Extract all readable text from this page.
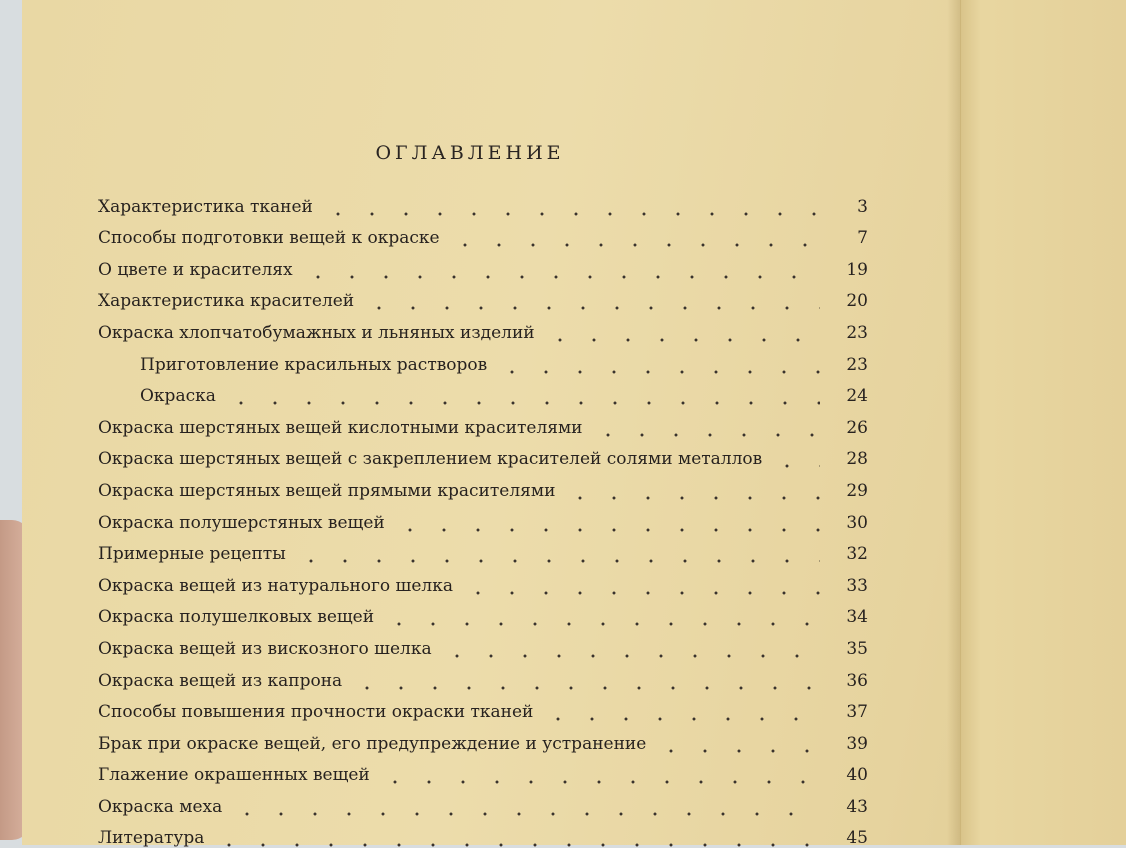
ОГЛАВЛЕНИЕ
Характеристика тканей	3
Способы подготовки вещей к окраске	7
О цвете и красителях	19
Характеристика красителей	20
Окраска хлопчатобумажных и льняных изделий	23
Приготовление красильных растворов	23
Окраска	24
Окраска шерстяных вещей кислотными красителями	26
Окраска шерстяных вещей с закреплением красителей солями металлов	28
Окраска шерстяных вещей прямыми красителями	29
Окраска полушерстяных вещей	30
Примерные рецепты	32
Окраска вещей из натурального шелка	33
Окраска полушелковых вещей	34
Окраска вещей из вискозного шелка	35
Окраска вещей из капрона	36
Способы повышения прочности окраски тканей	37
Брак при окраске вещей, его предупреждение и устранение	39
Глажение окрашенных вещей	40
Окраска меха	43
Литература	45
